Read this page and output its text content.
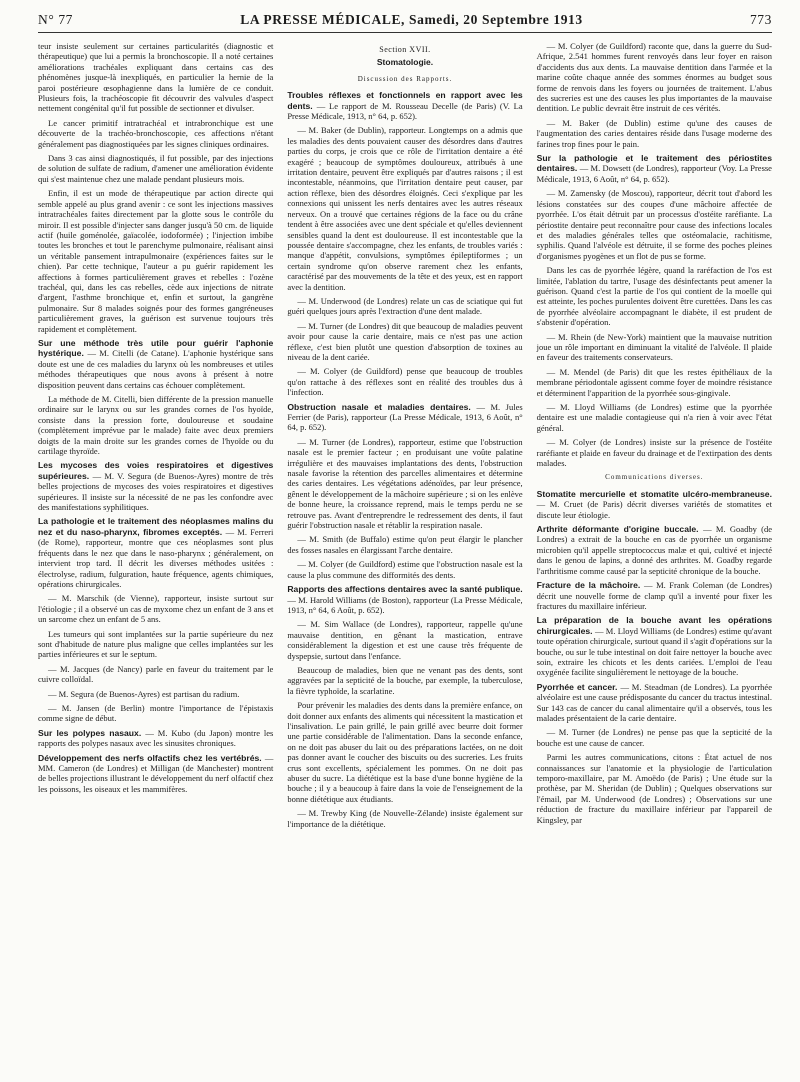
N° 77	LA PRESSE MÉDICALE, Samedi, 20 Septembre 1913	773

teur insiste seulement sur certaines particularités (diagnostic et thérapeutique) que lui a permis la bronchoscopie. Il a noté certaines améliorations trachéales expliquant dans certains cas des phénomènes jusque-là inexpliqués, en particulier la hernie de la paroi postérieure œsophagienne dans la lumière de ce conduit. Plusieurs fois, la trachéoscopie fit découvrir des valvules d'aspect nettement congénital qu'il fut possible de sectionner et divulser.

Le cancer primitif intratrachéal et intrabronchique est une découverte de la trachéo-bronchoscopie, ces affections n'étant généralement pas diagnostiquées par les signes cliniques ordinaires.

Dans 3 cas ainsi diagnostiqués, il fut possible, par des injections de solution de sulfate de radium, d'amener une amélioration évidente qui s'est maintenue chez une malade pendant plusieurs mois.

Enfin, il est un mode de thérapeutique par action directe qui semble appelé au plus grand avenir : ce sont les injections massives intratrachéales faites directement par la glotte sous le contrôle du miroir. Il est possible d'injecter sans danger jusqu'à 50 cm. de liquide actif (huile goménolée, gaïacolée, iodoformée) ; l'injection imbibe toutes les bronches et tout le parenchyme pulmonaire, réalisant ainsi un véritable pansement intrapulmonaire (expériences faites sur le chien). Par cette technique, l'auteur a pu guérir rapidement les affections à formes particulièrement graves et rebelles : l'ozène trachéal, qui, dans les cas rebelles, cède aux injections de nitrate d'argent, l'asthme bronchique et, enfin et surtout, la gangrène pulmonaire. Sur 8 malades soignés pour des formes gangréneuses particulièrement graves, la guérison est survenue toujours très rapidement et complètement.

Sur une méthode très utile pour guérir l'aphonie hystérique. — M. Citelli (de Catane). L'aphonie hystérique sans doute est une de ces maladies du larynx où les nombreuses et utiles méthodes thérapeutiques que nous avons à présent à notre disposition peuvent dans certains cas échouer complètement.

La méthode de M. Citelli, bien différente de la pression manuelle ordinaire sur le larynx ou sur les grandes cornes de l'os hyoïde, consiste dans la pression forte, douloureuse et soudaine (complètement imprévue par le malade) faite avec deux premiers doigts de la main droite sur les grandes cornes de l'hyoïde ou du cartilage thyroïde.

Les mycoses des voies respiratoires et digestives supérieures. — M. V. Segura (de Buenos-Ayres) montre de très belles projections de mycoses des voies respiratoires et digestives supérieures. Il insiste sur la nécessité de ne pas les confondre avec des manifestations syphilitiques.

La pathologie et le traitement des néoplasmes malins du nez et du naso-pharynx, fibromes exceptés. — M. Ferreri (de Rome), rapporteur, montre que ces néoplasmes sont plus fréquents dans le nez que dans le naso-pharynx ; généralement, on intervient trop tard. Il décrit les diverses méthodes usitées : électrolyse, radium, fulguration, haute fréquence, agents chimiques, opérations chirurgicales.

— M. Marschik (de Vienne), rapporteur, insiste surtout sur l'étiologie ; il a observé un cas de myxome chez un enfant de 3 ans et un sarcome chez un enfant de 5 ans.

Les tumeurs qui sont implantées sur la partie supérieure du nez sont d'habitude de nature plus maligne que celles implantées sur les parties inférieures et sur le septum.

— M. Jacques (de Nancy) parle en faveur du traitement par le cuivre colloïdal.

— M. Segura (de Buenos-Ayres) est partisan du radium.

— M. Jansen (de Berlin) montre l'importance de l'épistaxis comme signe de début.

Sur les polypes nasaux. — M. Kubo (du Japon) montre les rapports des polypes nasaux avec les sinusites chroniques.

Développement des nerfs olfactifs chez les vertébrés. — MM. Cameron (de Londres) et Milligan (de Manchester) montrent de belles projections illustrant le développement du nerf olfactif chez les poissons, les oiseaux et les mammifères.

Section XVII.
Stomatologie.
Discussion des Rapports.

Troubles réflexes et fonctionnels en rapport avec les dents. — Le rapport de M. Rousseau Decelle (de Paris) (V. La Presse Médicale, 1913, n° 64, p. 652).

— M. Baker (de Dublin), rapporteur. Longtemps on a admis que les maladies des dents pouvaient causer des désordres dans d'autres parties du corps, je crois que ce rôle de l'irritation dentaire a été exagéré ; beaucoup de symptômes douloureux, attribués à une irritation dentaire, peuvent être expliqués par d'autres raisons ; il est incontestable, néanmoins, que l'irritation dentaire peut causer, par action réflexe, bien des désordres éloignés. Ceci s'explique par les connexions qui unissent les nerfs dentaires avec les autres réseaux nerveux. On a trouvé que certaines régions de la face ou du crâne tendent à être associées avec une dent spéciale et qu'elles deviennent sensibles quand la dent est douloureuse. Il est incontestable que la poussée dentaire s'accompagne, chez les enfants, de troubles variés : manque d'appétit, convulsions, symptômes épileptiformes ; un certain syndrome qu'on observe rarement chez les enfants, caractérisé par des mouvements de la tête et des yeux, est en rapport avec la dentition.

— M. Underwood (de Londres) relate un cas de sciatique qui fut guéri quelques jours après l'extraction d'une dent malade.

— M. Turner (de Londres) dit que beaucoup de maladies peuvent avoir pour cause la carie dentaire, mais ce n'est pas une action réflexe, c'est bien plutôt une question d'absorption de toxines au niveau de la dent cariée.

— M. Colyer (de Guildford) pense que beaucoup de troubles qu'on rattache à des réflexes sont en réalité des troubles dus à l'infection.

Obstruction nasale et maladies dentaires. — M. Jules Ferrier (de Paris), rapporteur (La Presse Médicale, 1913, 6 Août, n° 64, p. 652).

— M. Turner (de Londres), rapporteur, estime que l'obstruction nasale est le premier facteur ; en produisant une voûte palatine irrégulière et des mauvaises implantations des dents, l'obstruction nasale favorise la rétention des parcelles alimentaires et détermine des caries dentaires. Les végétations adénoïdes, par leur présence, gênent le développement de la mâchoire supérieure ; si on les enlève de bonne heure, la croissance reprend, mais le temps perdu ne se retrouve pas. Avant d'entreprendre le redressement des dents, il faut guérir l'obstruction nasale et rétablir la respiration nasale.

— M. Smith (de Buffalo) estime qu'on peut élargir le plancher des fosses nasales en élargissant l'arche dentaire.

— M. Colyer (de Guildford) estime que l'obstruction nasale est la cause la plus commune des difformités des dents.

Rapports des affections dentaires avec la santé publique. — M. Harold Williams (de Boston), rapporteur (La Presse Médicale, 1913, n° 64, 6 Août, p. 652).

— M. Sim Wallace (de Londres), rapporteur, rappelle qu'une mauvaise dentition, en gênant la mastication, entrave considérablement la digestion et est une cause très fréquente de dyspepsie, surtout dans l'enfance.

Beaucoup de maladies, bien que ne venant pas des dents, sont aggravées par la septicité de la bouche, par exemple, la tuberculose, la fièvre typhoïde, la scarlatine.

Pour prévenir les maladies des dents dans la première enfance, on doit donner aux enfants des aliments qui nécessitent la mastication et l'insalivation. Le pain grillé, le pain grillé avec beurre doit former une partie considérable de l'alimentation. Dans la seconde enfance, on ne doit pas abuser du lait ou des préparations lactées, on ne doit pas donner avant le coucher des biscuits ou des sucreries. Les fruits crus sont excellents, spécialement les pommes. On ne doit pas abuser du sucre. La diététique est la base d'une bonne hygiène de la bouche ; il y a beaucoup à faire dans la voie de l'enseignement de la bonne diététique aux étudiants.

— M. Trewby King (de Nouvelle-Zélande) insiste également sur l'importance de la diététique.

— M. Colyer (de Guildford) raconte que, dans la guerre du Sud-Afrique, 2.541 hommes furent renvoyés dans leur foyer en raison d'accidents dus aux dents. La mauvaise dentition dans l'armée et la marine coûte chaque année des sommes énormes au budget sous forme de renvois dans les foyers ou journées de traitement. L'abus des sucreries est une des causes les plus importantes de la mauvaise dentition. Le public devrait être instruit de ces vérités.

— M. Baker (de Dublin) estime qu'une des causes de l'augmentation des caries dentaires réside dans l'usage moderne des farines trop fines pour le pain.

Sur la pathologie et le traitement des périostites dentaires. — M. Dowsett (de Londres), rapporteur (Voy. La Presse Médicale, 1913, 6 Août, n° 64, p. 652).

— M. Zamensky (de Moscou), rapporteur, décrit tout d'abord les lésions constatées sur des coupes d'une mâchoire affectée de pyorrhée. L'os était détruit par un processus d'ostéite raréfiante. La périostite dentaire peut reconnaître pour cause des infections locales et des maladies générales telles que ostéomalacie, rachitisme, syphilis. Quand l'alvéole est détruite, il se forme des poches pleines d'organismes pyogènes et un flot de pus se forme.

Dans les cas de pyorrhée légère, quand la raréfaction de l'os est limitée, l'ablation du tartre, l'usage des désinfectants peut amener la guérison. Quand c'est la partie de l'os qui contient de la moelle qui est atteinte, les poches purulentes doivent être curettées. Dans les cas de pyorrhée alvéolaire accompagnant le diabète, il est prudent de s'abstenir d'opération.

— M. Rhein (de New-York) maintient que la mauvaise nutrition joue un rôle important en diminuant la vitalité de l'alvéole. Il plaide en faveur des traitements conservateurs.

— M. Mendel (de Paris) dit que les restes épithéliaux de la membrane périodontale agissent comme foyer de moindre résistance et déterminent l'apparition de la pyorrhée sous-gingivale.

— M. Lloyd Williams (de Londres) estime que la pyorrhée dentaire est une maladie contagieuse qui n'a rien à voir avec l'état général.

— M. Colyer (de Londres) insiste sur la présence de l'ostéite raréfiante et plaide en faveur du drainage et de l'extirpation des dents malades.

Communications diverses.

Stomatite mercurielle et stomatite ulcéro-membraneuse. — M. Cruet (de Paris) décrit diverses variétés de stomatites et discute leur étiologie.

Arthrite déformante d'origine buccale. — M. Goadby (de Londres) a extrait de la bouche en cas de pyorrhée un organisme microbien qu'il appelle streptococcus malæ et qui, cultivé et injecté dans le genou de lapins, a donné des arthrites. M. Goadby regarde l'arthritisme comme causé par la septicité chronique de la bouche.

Fracture de la mâchoire. — M. Frank Coleman (de Londres) décrit une nouvelle forme de clamp qu'il a inventé pour fixer les fractures du maxillaire inférieur.

La préparation de la bouche avant les opérations chirurgicales. — M. Lloyd Williams (de Londres) estime qu'avant toute opération chirurgicale, surtout quand il s'agit d'opérations sur la bouche, ou sur le tube intestinal on doit faire nettoyer la bouche avec soin, extraire les chicots et les dents cariées. L'emploi de l'eau oxygénée facilite singulièrement le nettoyage de la bouche.

Pyorrhée et cancer. — M. Steadman (de Londres). La pyorrhée alvéolaire est une cause prédisposante du cancer du tractus intestinal. Sur 143 cas de cancer du canal alimentaire qu'il a observés, tous les malades présentaient de la carie dentaire.

— M. Turner (de Londres) ne pense pas que la septicité de la bouche est une cause de cancer.

Parmi les autres communications, citons : État actuel de nos connaissances sur l'anatomie et la physiologie de l'articulation temporo-maxillaire, par M. Amoëdo (de Paris) ; Une étude sur la prothèse, par M. Sheridan (de Dublin) ; Quelques observations sur l'émail, par M. Underwood (de Londres) ; Observations sur une réduction de fracture du maxillaire inférieur par l'appareil de Kingsley, par
